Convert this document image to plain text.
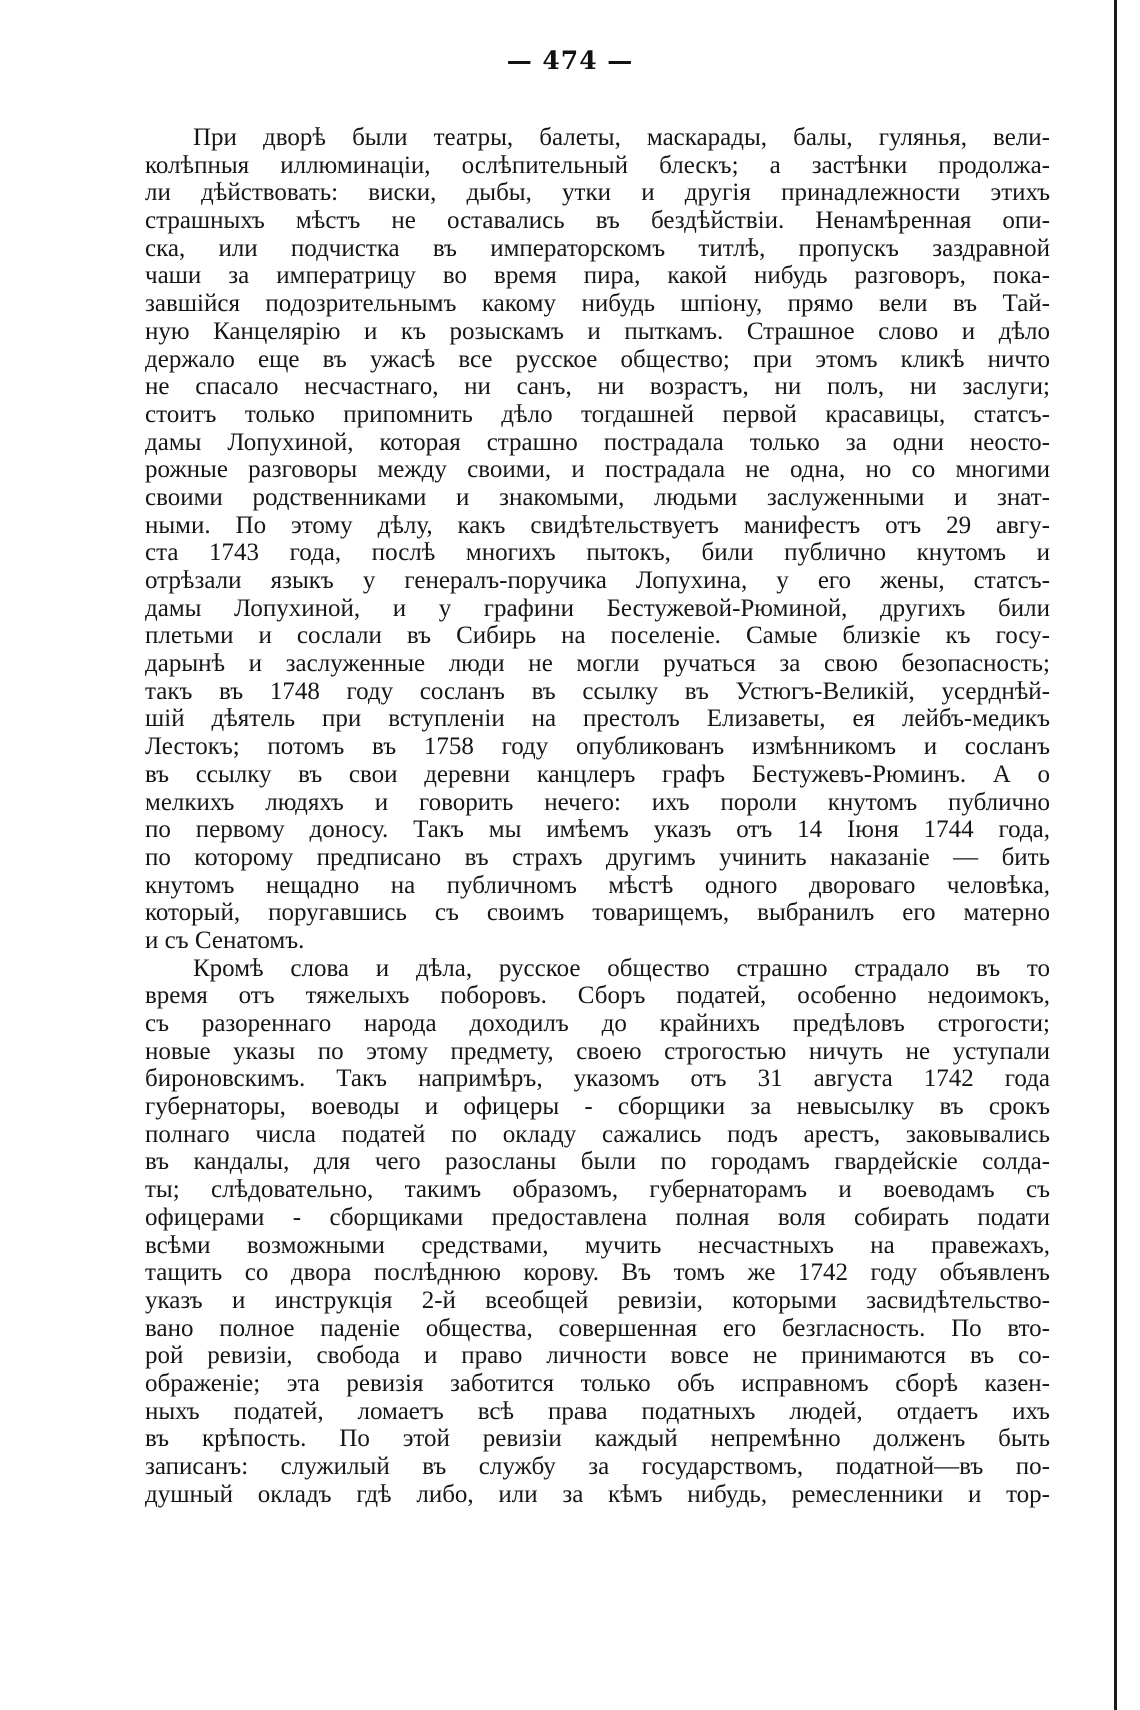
— 474 —
При дворѣ были театры, балеты, маскарады, балы, гулянья, вели-
колѣпныя иллюминаціи, ослѣпительный блескъ; а застѣнки продолжа-
ли дѣйствовать: виски, дыбы, утки и другія принадлежности этихъ
страшныхъ мѣстъ не оставались въ бездѣйствіи. Ненамѣренная опи-
ска, или подчистка въ императорскомъ титлѣ, пропускъ заздравной
чаши за императрицу во время пира, какой нибудь разговоръ, пока-
завшійся подозрительнымъ какому нибудь шпіону, прямо вели въ Тай-
ную Канцелярію и къ розыскамъ и пыткамъ. Страшное слово и дѣло
держало еще въ ужасѣ все русское общество; при этомъ кликѣ ничто
не спасало несчастнаго, ни санъ, ни возрастъ, ни полъ, ни заслуги;
стоитъ только припомнить дѣло тогдашней первой красавицы, статсъ-
дамы Лопухиной, которая страшно пострадала только за одни неосто-
рожные разговоры между своими, и пострадала не одна, но со многими
своими родственниками и знакомыми, людьми заслуженными и знат-
ными. По этому дѣлу, какъ свидѣтельствуетъ манифестъ отъ 29 авгу-
ста 1743 года, послѣ многихъ пытокъ, били публично кнутомъ и
отрѣзали языкъ у генералъ-поручика Лопухина, у его жены, статсъ-
дамы Лопухиной, и у графини Бестужевой-Рюминой, другихъ били
плетьми и сослали въ Сибирь на поселеніе. Самые близкіе къ госу-
дарынѣ и заслуженные люди не могли ручаться за свою безопасность;
такъ въ 1748 году сосланъ въ ссылку въ Устюгъ-Великій, усерднѣй-
шій дѣятель при вступленіи на престолъ Елизаветы, ея лейбъ-медикъ
Лестокъ; потомъ въ 1758 году опубликованъ измѣнникомъ и сосланъ
въ ссылку въ свои деревни канцлеръ графъ Бестужевъ-Рюминъ. А о
мелкихъ людяхъ и говорить нечего: ихъ пороли кнутомъ публично
по первому доносу. Такъ мы имѣемъ указъ отъ 14 Іюня 1744 года,
по которому предписано въ страхъ другимъ учинить наказаніе — бить
кнутомъ нещадно на публичномъ мѣстѣ одного двороваго человѣка,
который, поругавшись съ своимъ товарищемъ, выбранилъ его матерно
и съ Сенатомъ.
Кромѣ слова и дѣла, русское общество страшно страдало въ то
время отъ тяжелыхъ поборовъ. Сборъ податей, особенно недоимокъ,
съ разореннаго народа доходилъ до крайнихъ предѣловъ строгости;
новые указы по этому предмету, своею строгостью ничуть не уступали
бироновскимъ. Такъ напримѣръ, указомъ отъ 31 августа 1742 года
губернаторы, воеводы и офицеры - сборщики за невысылку въ срокъ
полнаго числа податей по окладу сажались подъ арестъ, заковывались
въ кандалы, для чего разосланы были по городамъ гвардейскіе солда-
ты; слѣдовательно, такимъ образомъ, губернаторамъ и воеводамъ съ
офицерами - сборщиками предоставлена полная воля собирать подати
всѣми возможными средствами, мучить несчастныхъ на правежахъ,
тащить со двора послѣднюю корову. Въ томъ же 1742 году объявленъ
указъ и инструкція 2-й всеобщей ревизіи, которыми засвидѣтельство-
вано полное паденіе общества, совершенная его безгласность. По вто-
рой ревизіи, свобода и право личности вовсе не принимаются въ со-
ображеніе; эта ревизія заботится только объ исправномъ сборѣ казен-
ныхъ податей, ломаетъ всѣ права податныхъ людей, отдаетъ ихъ
въ крѣпость. По этой ревизіи каждый непремѣнно долженъ быть
записанъ: служилый въ службу за государствомъ, податной—въ по-
душный окладъ гдѣ либо, или за кѣмъ нибудь, ремесленники и тор-
